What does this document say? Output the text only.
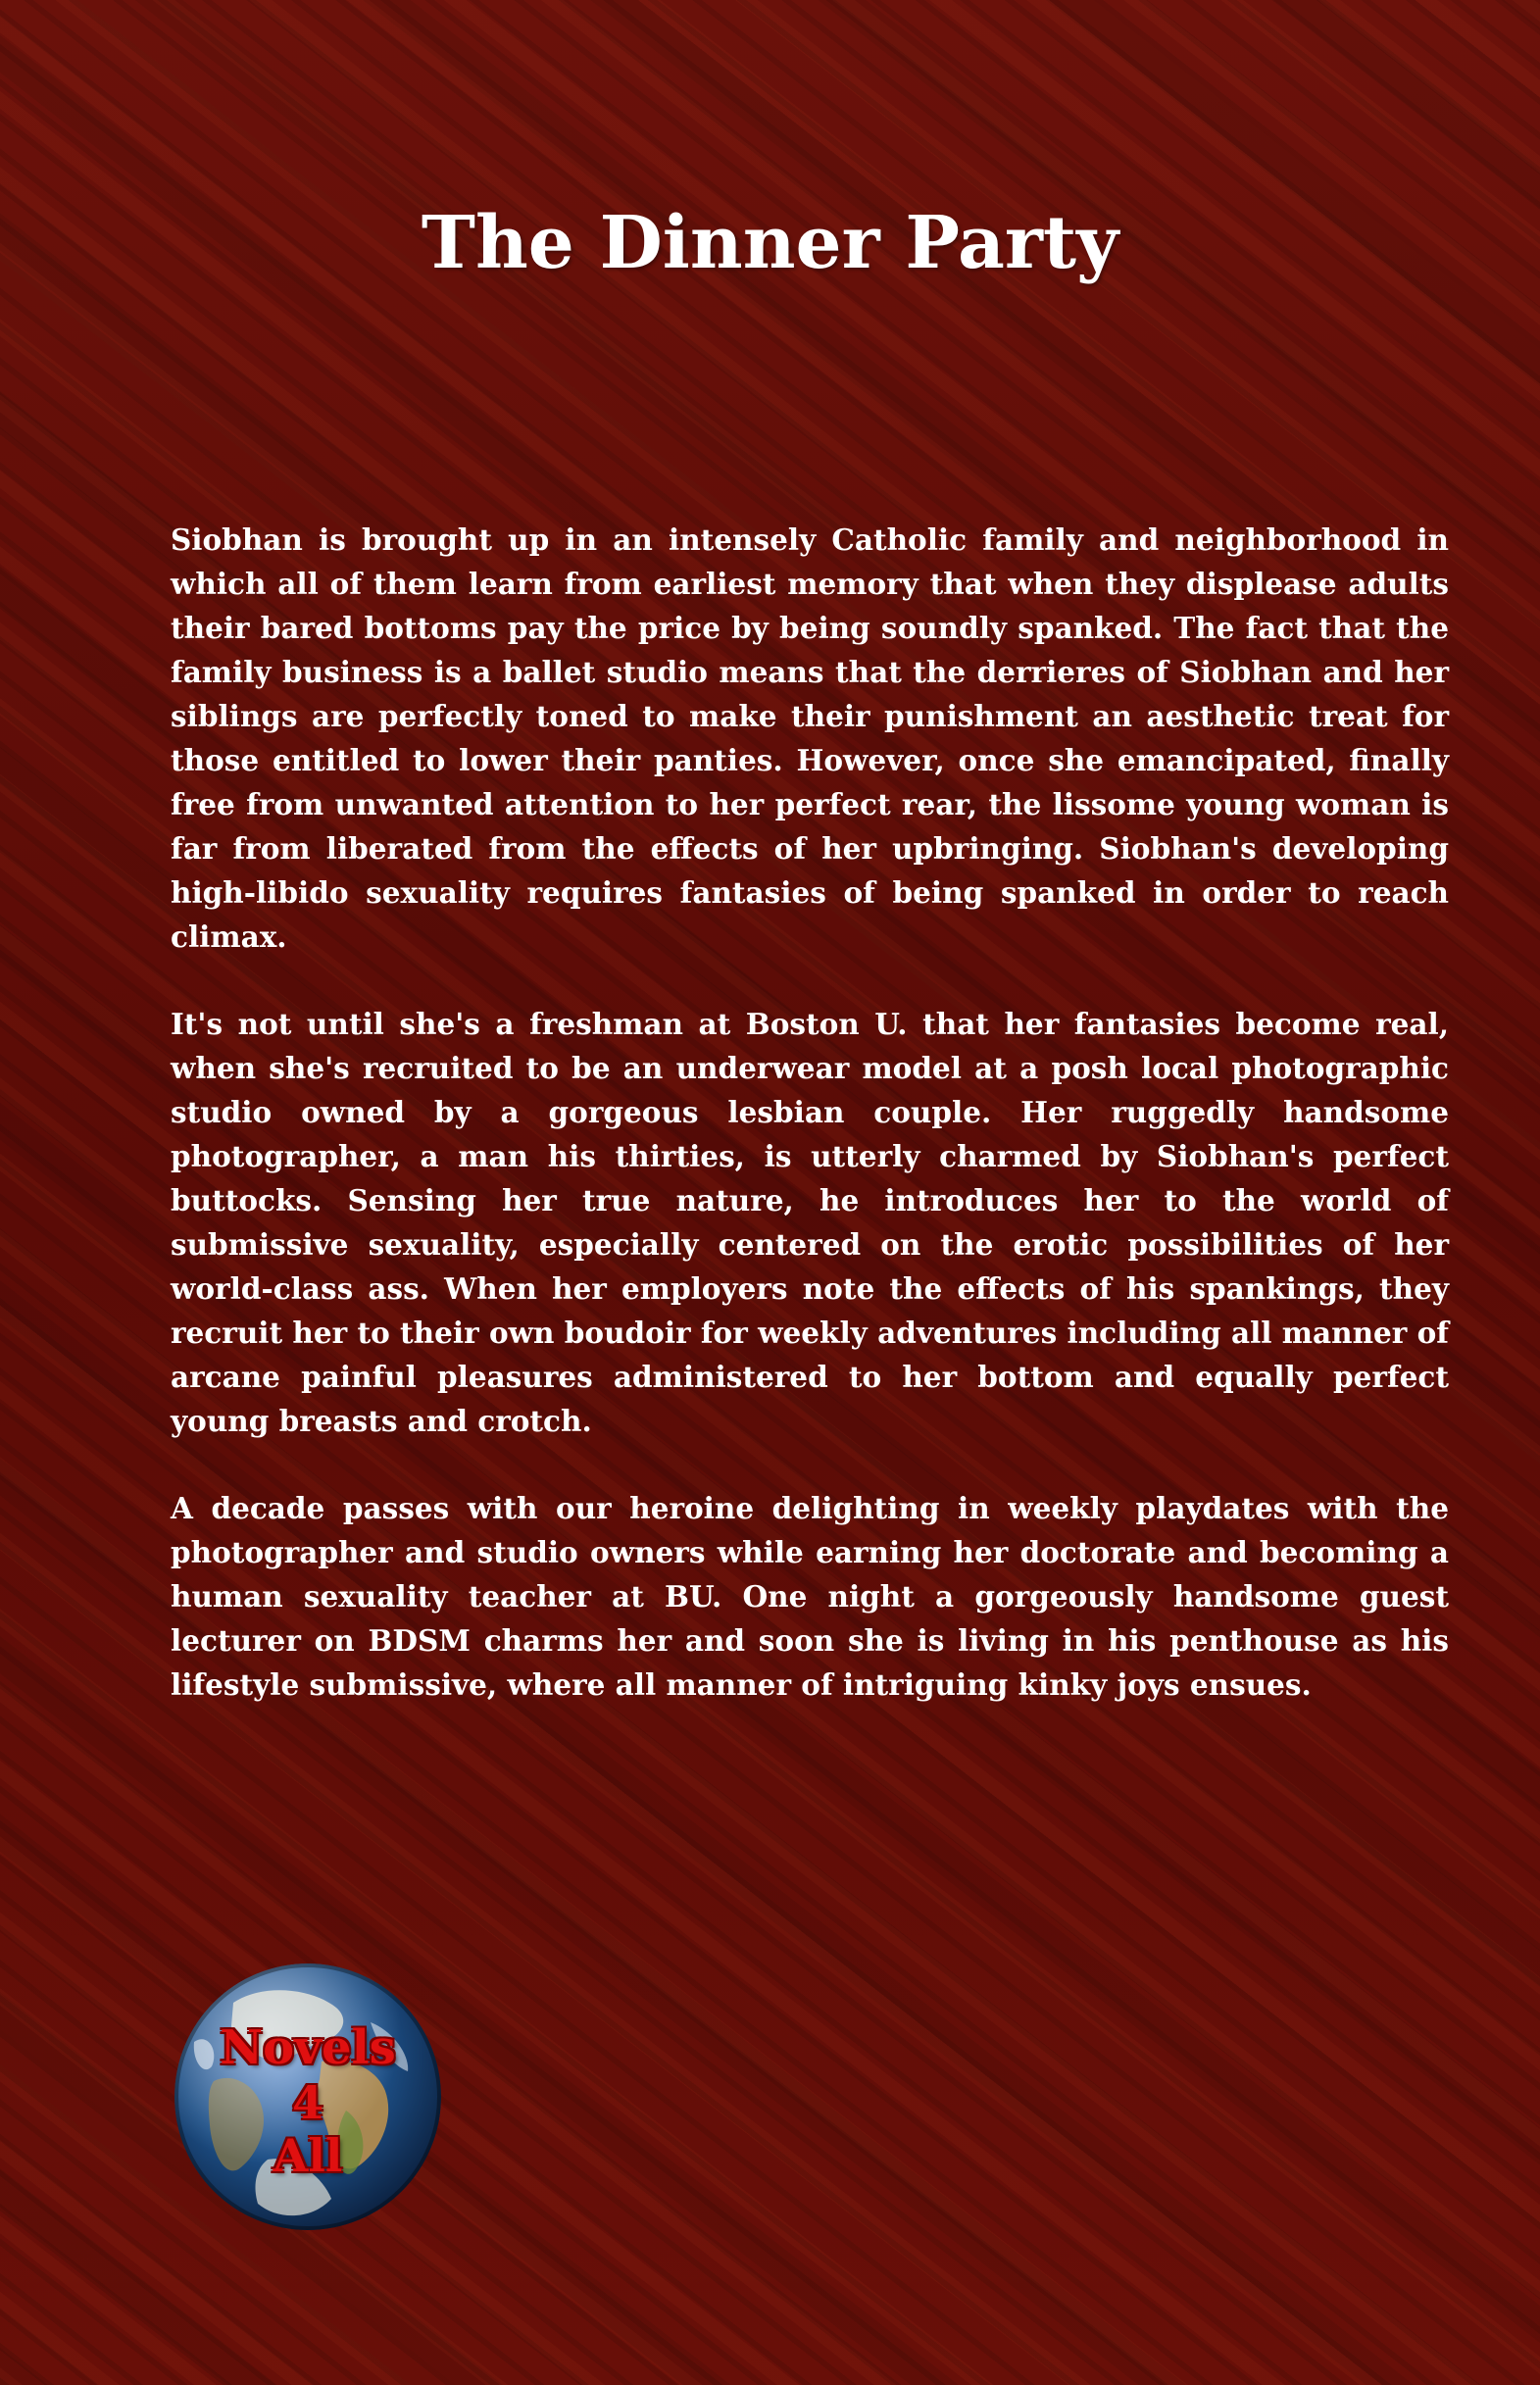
The Dinner Party

Siobhan is brought up in an intensely Catholic family and neighborhood in which all of them learn from earliest memory that when they displease adults their bared bottoms pay the price by being soundly spanked. The fact that the family business is a ballet studio means that the derrieres of Siobhan and her siblings are perfectly toned to make their punishment an aesthetic treat for those entitled to lower their panties. However, once she emancipated, finally free from unwanted attention to her perfect rear, the lissome young woman is far from liberated from the effects of her upbringing. Siobhan's developing high-libido sexuality requires fantasies of being spanked in order to reach climax.

It's not until she's a freshman at Boston U. that her fantasies become real, when she's recruited to be an underwear model at a posh local photographic studio owned by a gorgeous lesbian couple. Her ruggedly handsome photographer, a man his thirties, is utterly charmed by Siobhan's perfect buttocks. Sensing her true nature, he introduces her to the world of submissive sexuality, especially centered on the erotic possibilities of her world-class ass. When her employers note the effects of his spankings, they recruit her to their own boudoir for weekly adventures including all manner of arcane painful pleasures administered to her bottom and equally perfect young breasts and crotch.

A decade passes with our heroine delighting in weekly playdates with the photographer and studio owners while earning her doctorate and becoming a human sexuality teacher at BU. One night a gorgeously handsome guest lecturer on BDSM charms her and soon she is living in his penthouse as his lifestyle submissive, where all manner of intriguing kinky joys ensues.

Novels
4
All
